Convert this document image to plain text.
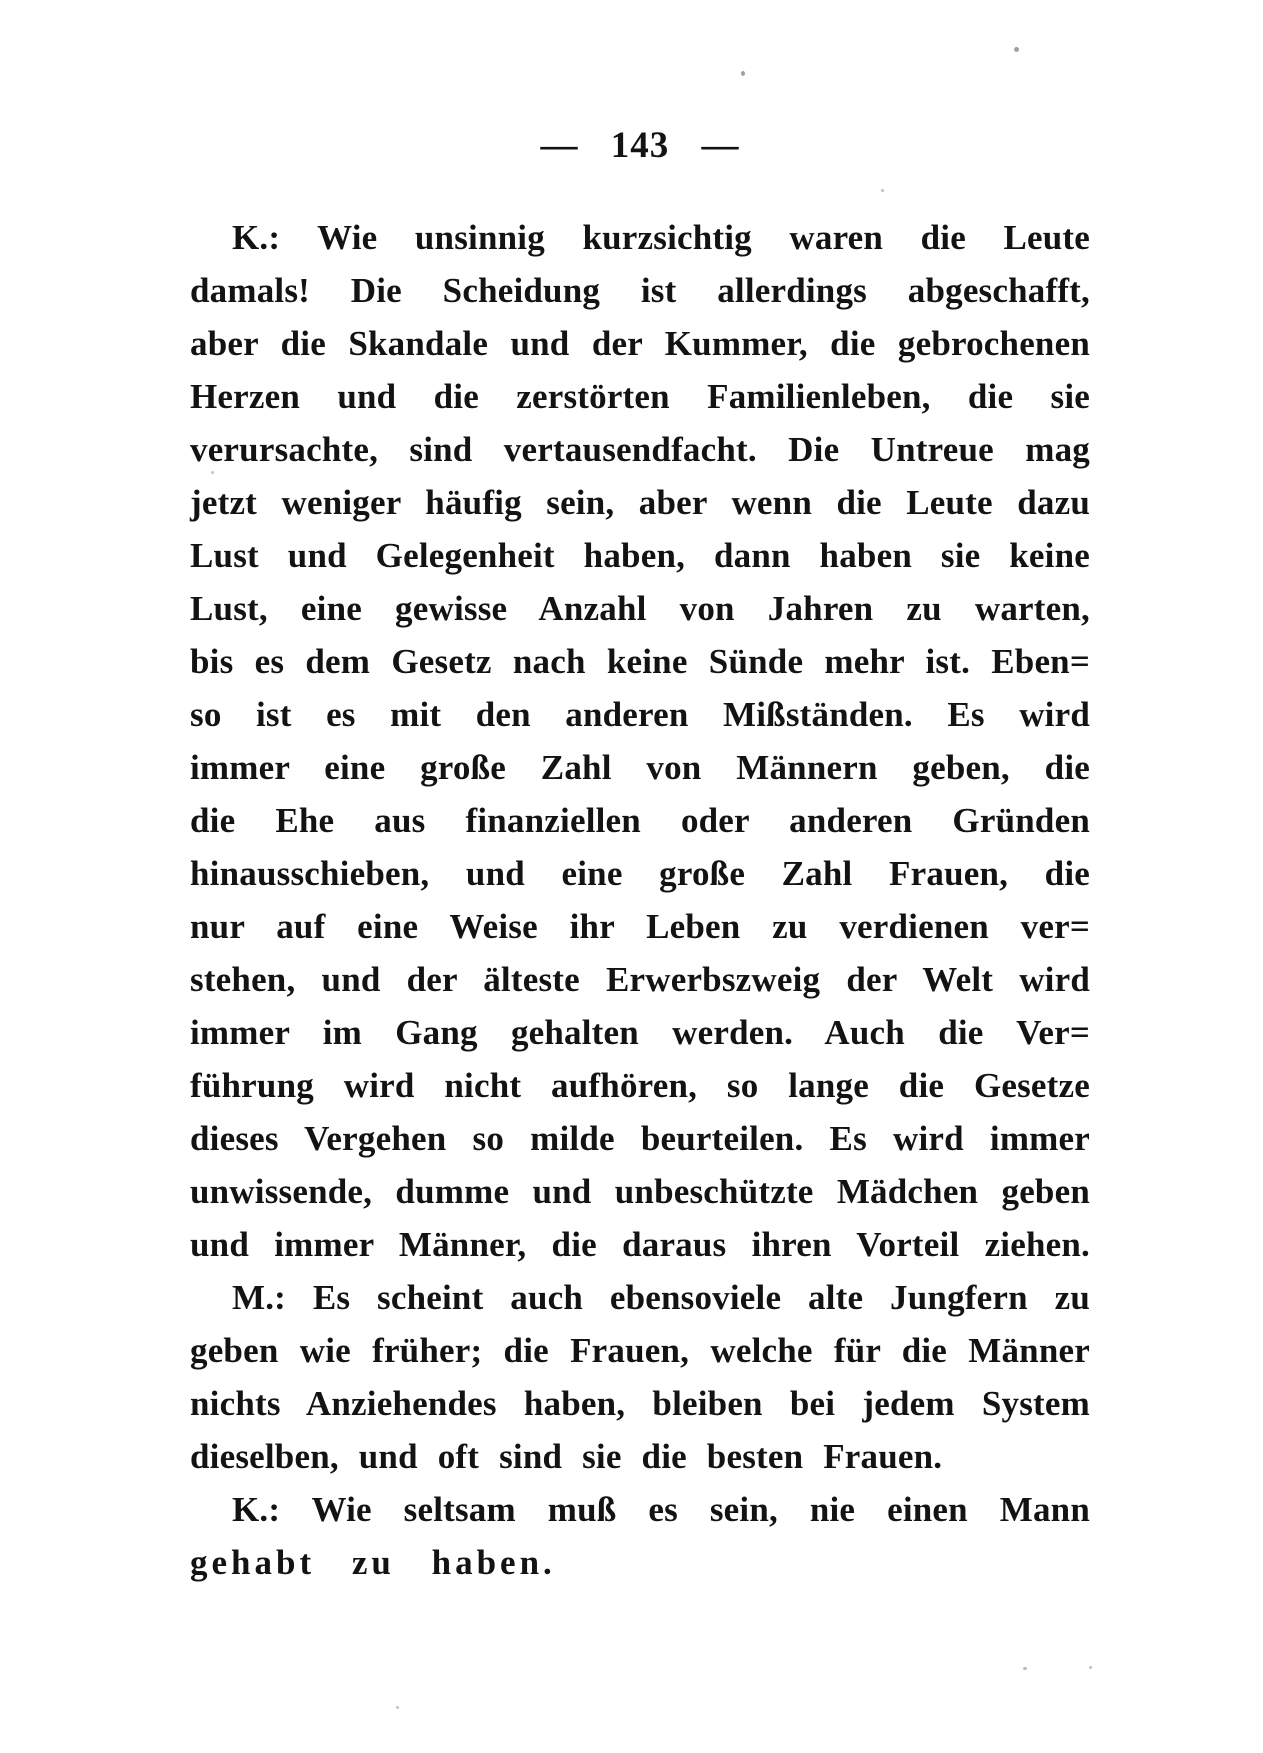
— 143 —
K.: Wie unsinnig kurzsichtig waren die Leute
damals! Die Scheidung ist allerdings abgeschafft,
aber die Skandale und der Kummer, die gebrochenen
Herzen und die zerstörten Familienleben, die sie
verursachte, sind vertausendfacht. Die Untreue mag
jetzt weniger häufig sein, aber wenn die Leute dazu
Lust und Gelegenheit haben, dann haben sie keine
Lust, eine gewisse Anzahl von Jahren zu warten,
bis es dem Gesetz nach keine Sünde mehr ist. Eben=
so ist es mit den anderen Mißständen. Es wird
immer eine große Zahl von Männern geben, die
die Ehe aus finanziellen oder anderen Gründen
hinausschieben, und eine große Zahl Frauen, die
nur auf eine Weise ihr Leben zu verdienen ver=
stehen, und der älteste Erwerbszweig der Welt wird
immer im Gang gehalten werden. Auch die Ver=
führung wird nicht aufhören, so lange die Gesetze
dieses Vergehen so milde beurteilen. Es wird immer
unwissende, dumme und unbeschützte Mädchen geben
und immer Männer, die daraus ihren Vorteil ziehen.
M.: Es scheint auch ebensoviele alte Jungfern zu
geben wie früher; die Frauen, welche für die Männer
nichts Anziehendes haben, bleiben bei jedem System
dieselben, und oft sind sie die besten Frauen.
K.: Wie seltsam muß es sein, nie einen Mann
gehabt zu haben.
